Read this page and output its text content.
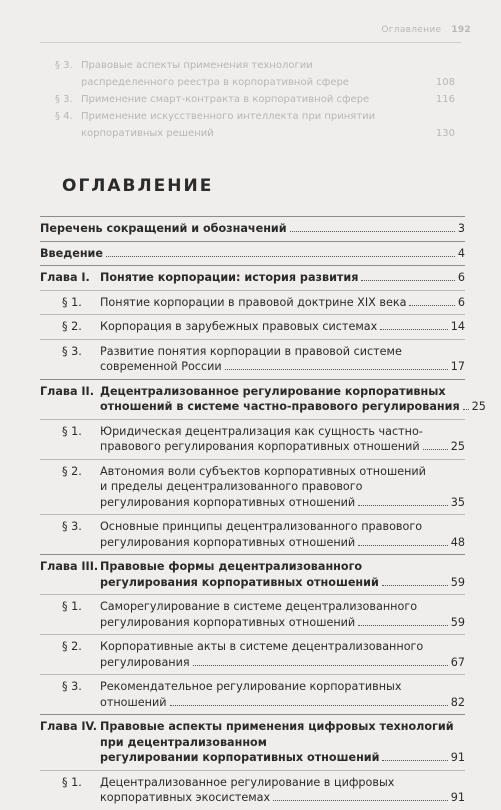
Оглавление 192
§ 3. Правовые аспекты применения технологии
распределенного реестра в корпоративной сфере	108
§ 3. Применение смарт-контракта в корпоративной сфере	116
§ 4. Применение искусственного интеллекта при принятии
корпоративных решений	130
ОГЛАВЛЕНИЕ
Перечень сокращений и обозначений	3
Введение	4
Глава I. Понятие корпорации: история развития	6
§ 1.	Понятие корпорации в правовой доктрине XIX века	6
§ 2.	Корпорация в зарубежных правовых системах	14
§ 3.	Развитие понятия корпорации в правовой системе
современной России	17
Глава II. Децентрализованное регулирование корпоративных
отношений в системе частно-правового регулирования 25
§ 1.	Юридическая децентрализация как сущность частно-
правового регулирования корпоративных отношений	25
§ 2.	Автономия воли субъектов корпоративных отношений
и пределы децентрализованного правового
регулирования корпоративных отношений	35
§ 3.	Основные принципы децентрализованного правового
регулирования корпоративных отношений	48
Глава III. Правовые формы децентрализованного
регулирования корпоративных отношений	59
§ 1.	Саморегулирование в системе децентрализованного
регулирования корпоративных отношений	59
§ 2.	Корпоративные акты в системе децентрализованного
регулирования	67
§ 3.	Рекомендательное регулирование корпоративных
отношений	82
Глава IV. Правовые аспекты применения цифровых технологий
при децентрализованном
регулировании корпоративных отношений	91
§ 1.	Децентрализованное регулирование в цифровых
корпоративных экосистемах	91
